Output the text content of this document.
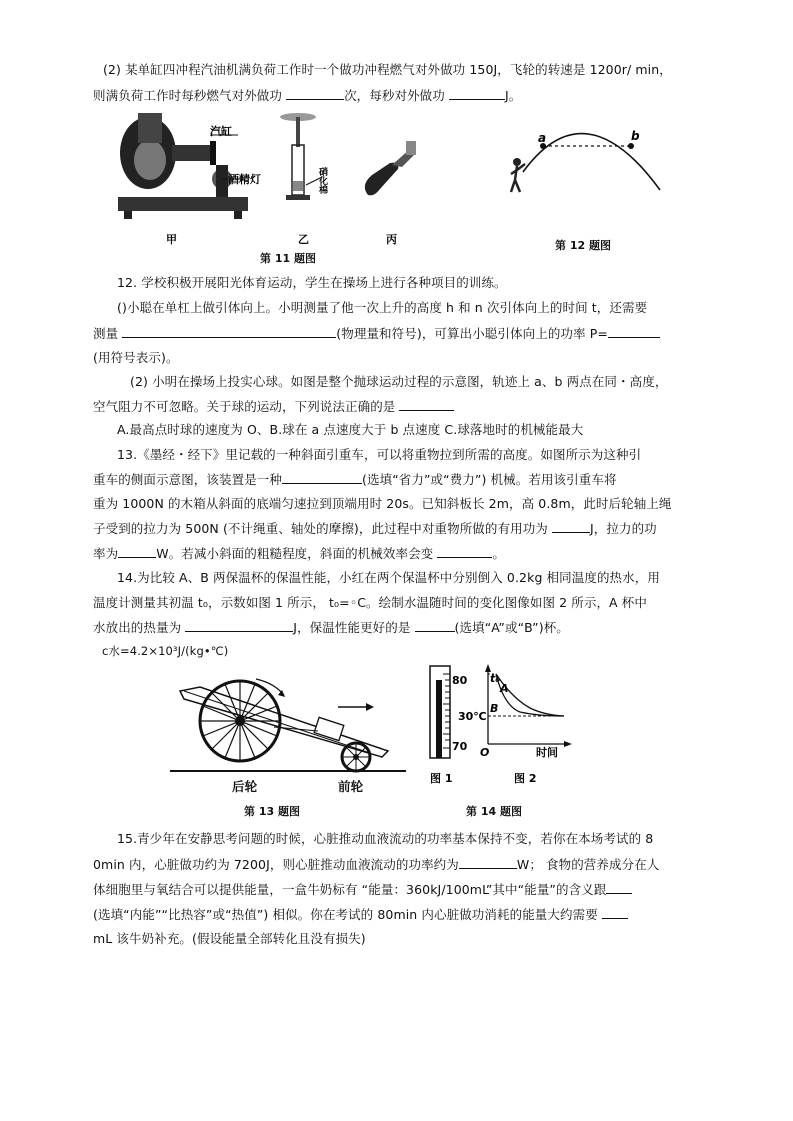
(2) 某单缸四冲程汽油机满负荷工作时一个做功冲程燃气对外做功 150J，飞轮的转速是 1200r/ min，
则满负荷工作时每秒燃气对外做功	次，每秒对外做功	J。
汽缸
酒精灯	硝化棉
甲	乙	丙
第 11 题图
a	b
第 12 题图
12. 学校积极开展阳光体育运动，学生在操场上进行各种项目的训练。
()小聪在单杠上做引体向上。小明测量了他一次上升的高度 h 和 n 次引体向上的时间 t，还需要
测量	(物理量和符号)，可算出小聪引体向上的功率 P=
(用符号表示)。
(2) 小明在操场上投实心球。如图是整个抛球运动过程的示意图，轨迹上 a、b 两点在同・高度，
空气阻力不可忽略。关于球的运动，下列说法正确的是
A.最高点时球的速度为 O、B.球在 a 点速度大于 b 点速度 C.球落地时的机械能最大
13.《墨经・经下》里记载的一种斜面引重车，可以将重物拉到所需的高度。如图所示为这种引
重车的侧面示意图，该装置是一种	(选填“省力”或“费力”) 机械。若用该引重车将
重为 1000N 的木箱从斜面的底端匀速拉到顶端用时 20s。已知斜板长 2m，高 0.8m，此时后轮轴上绳
子受到的拉力为 500N (不计绳重、轴处的摩擦)，此过程中对重物所做的有用功为	J，拉力的功
率为	W。若减小斜面的粗糙程度，斜面的机械效率会变	。
14.为比较 A、B 两保温杯的保温性能，小红在两个保温杯中分别倒入 0.2kg 相同温度的热水，用
温度计测量其初温 t₀，示数如图 1 所示， t₀=◦C。绘制水温随时间的变化图像如图 2 所示，A 杯中
水放出的热量为	J，保温性能更好的是	(选填“A”或“B”)杯。
c水=4.2×10³J/(kg•℃)
后轮	前轮
第 13 题图
80
70
t₀
A
B
30℃
O	时间
图 1	图 2
第 14 题图
15.青少年在安静思考问题的时候，心脏推动血液流动的功率基本保持不变，若你在本场考试的 8
0min 内，心脏做功约为 7200J，则心脏推动血液流动的功率约为	W； 食物的营养成分在人
体细胞里与氧结合可以提供能量，一盒牛奶标有 “能量：360kJ/100mL”其中“能量”的含义跟
(选填“内能”“比热容”或“热值”) 相似。你在考试的 80min 内心脏做功消耗的能量大约需要
mL 该牛奶补充。(假设能量全部转化且没有损失)
